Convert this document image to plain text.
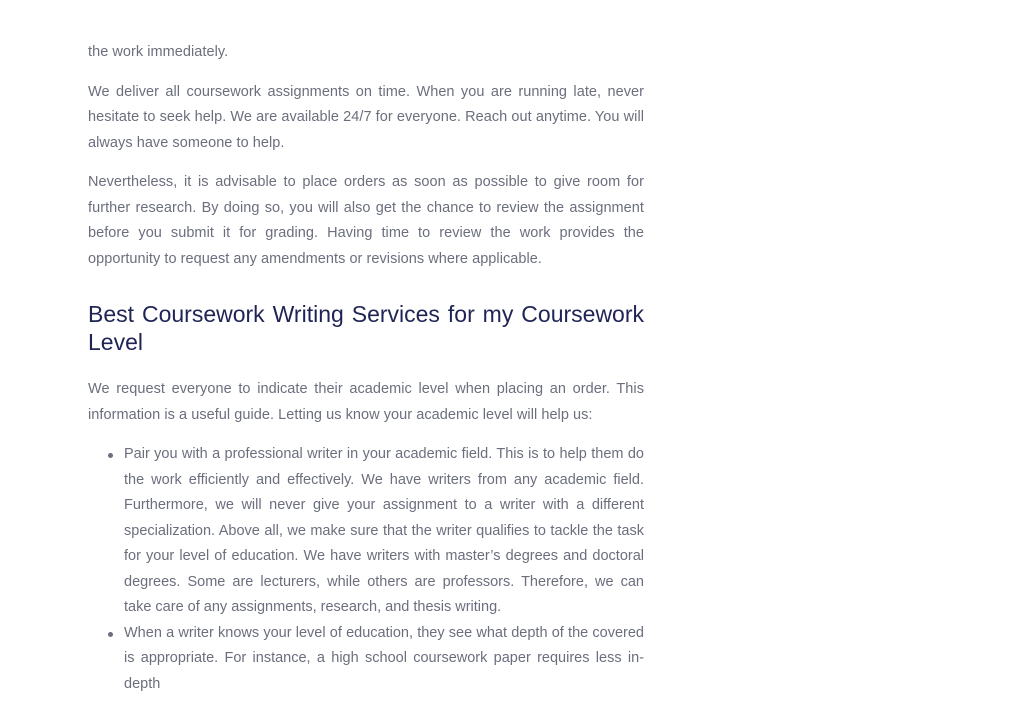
the work immediately.

We deliver all coursework assignments on time. When you are running late, never hesitate to seek help. We are available 24/7 for everyone. Reach out anytime. You will always have someone to help.

Nevertheless, it is advisable to place orders as soon as possible to give room for further research. By doing so, you will also get the chance to review the assignment before you submit it for grading. Having time to review the work provides the opportunity to request any amendments or revisions where applicable.

Best Coursework Writing Services for my Coursework Level

We request everyone to indicate their academic level when placing an order. This information is a useful guide. Letting us know your academic level will help us:

Pair you with a professional writer in your academic field. This is to help them do the work efficiently and effectively. We have writers from any academic field. Furthermore, we will never give your assignment to a writer with a different specialization. Above all, we make sure that the writer qualifies to tackle the task for your level of education. We have writers with master’s degrees and doctoral degrees. Some are lecturers, while others are professors. Therefore, we can take care of any assignments, research, and thesis writing.
When a writer knows your level of education, they see what depth of the covered is appropriate. For instance, a high school coursework paper requires less in-depth
